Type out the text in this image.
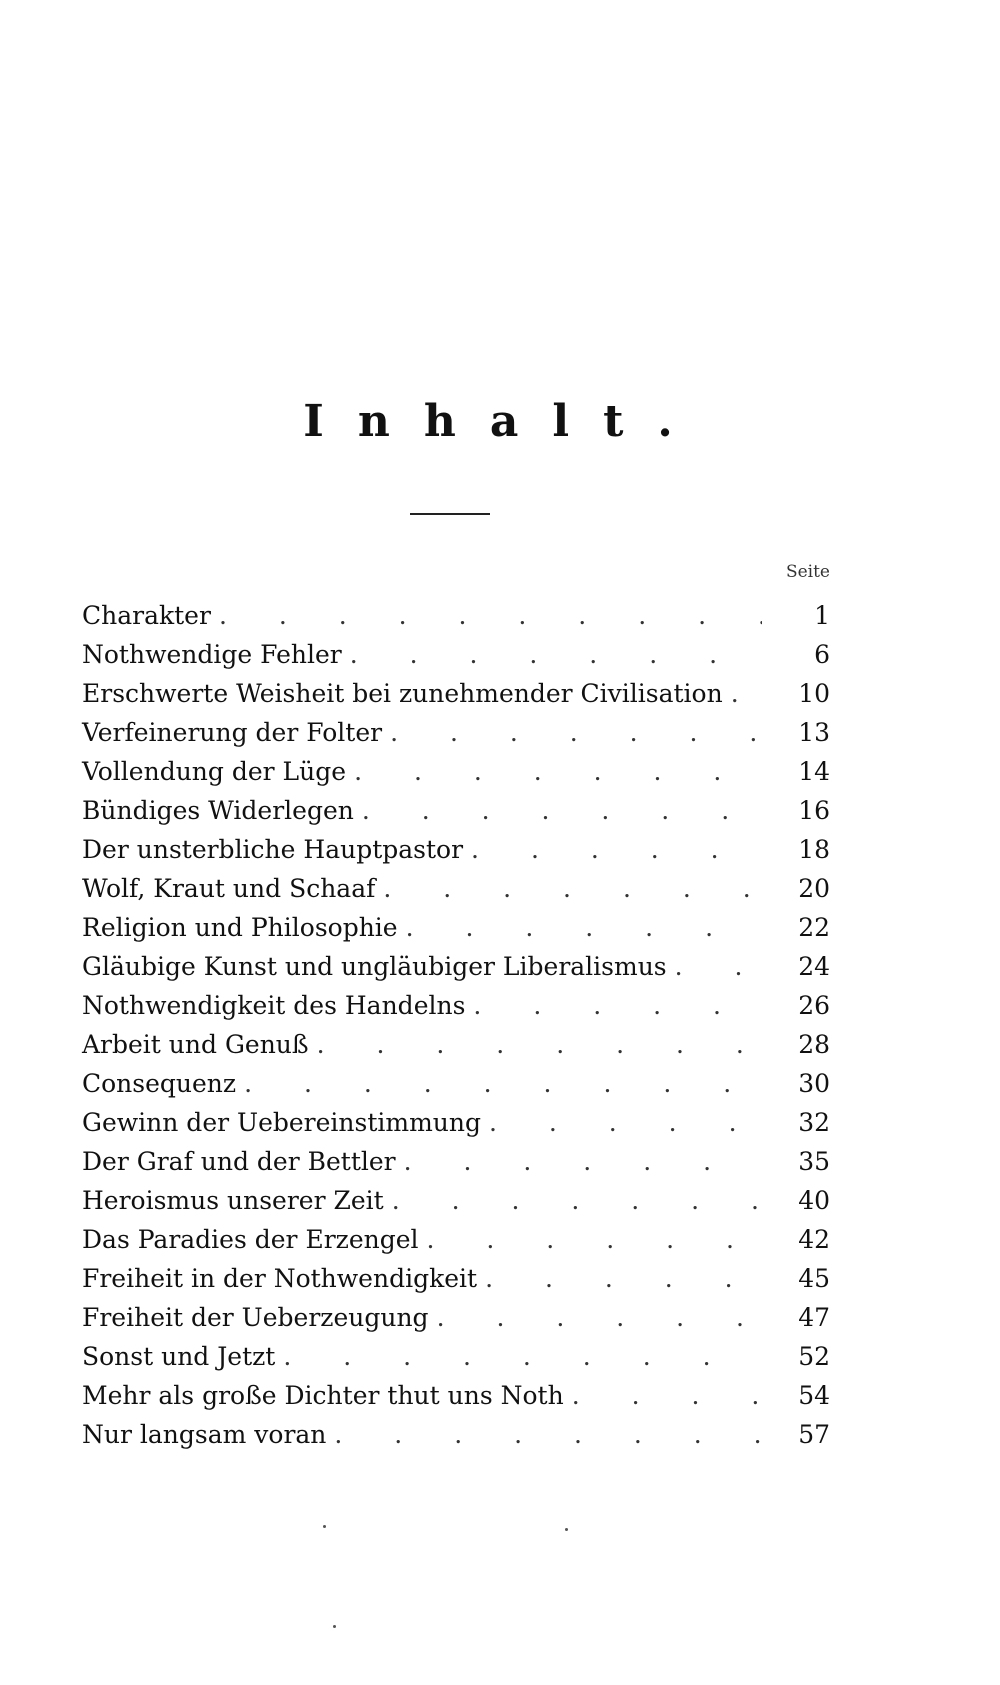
Inhalt.
Seite
Charakter . . .	1
Nothwendige Fehler . . .	6
Erschwerte Weisheit bei zunehmender Civilisation . . .	10
Verfeinerung der Folter . . .	13
Vollendung der Lüge . . .	14
Bündiges Widerlegen . . .	16
Der unsterbliche Hauptpastor . . .	18
Wolf, Kraut und Schaaf . . .	20
Religion und Philosophie . . .	22
Gläubige Kunst und ungläubiger Liberalismus . . .	24
Nothwendigkeit des Handelns . . .	26
Arbeit und Genuß . . .	28
Consequenz . . .	30
Gewinn der Uebereinstimmung . . .	32
Der Graf und der Bettler . . .	35
Heroismus unserer Zeit . . .	40
Das Paradies der Erzengel . . .	42
Freiheit in der Nothwendigkeit . . .	45
Freiheit der Ueberzeugung . . .	47
Sonst und Jetzt . . .	52
Mehr als große Dichter thut uns Noth . . .	54
Nur langsam voran . . .	57
